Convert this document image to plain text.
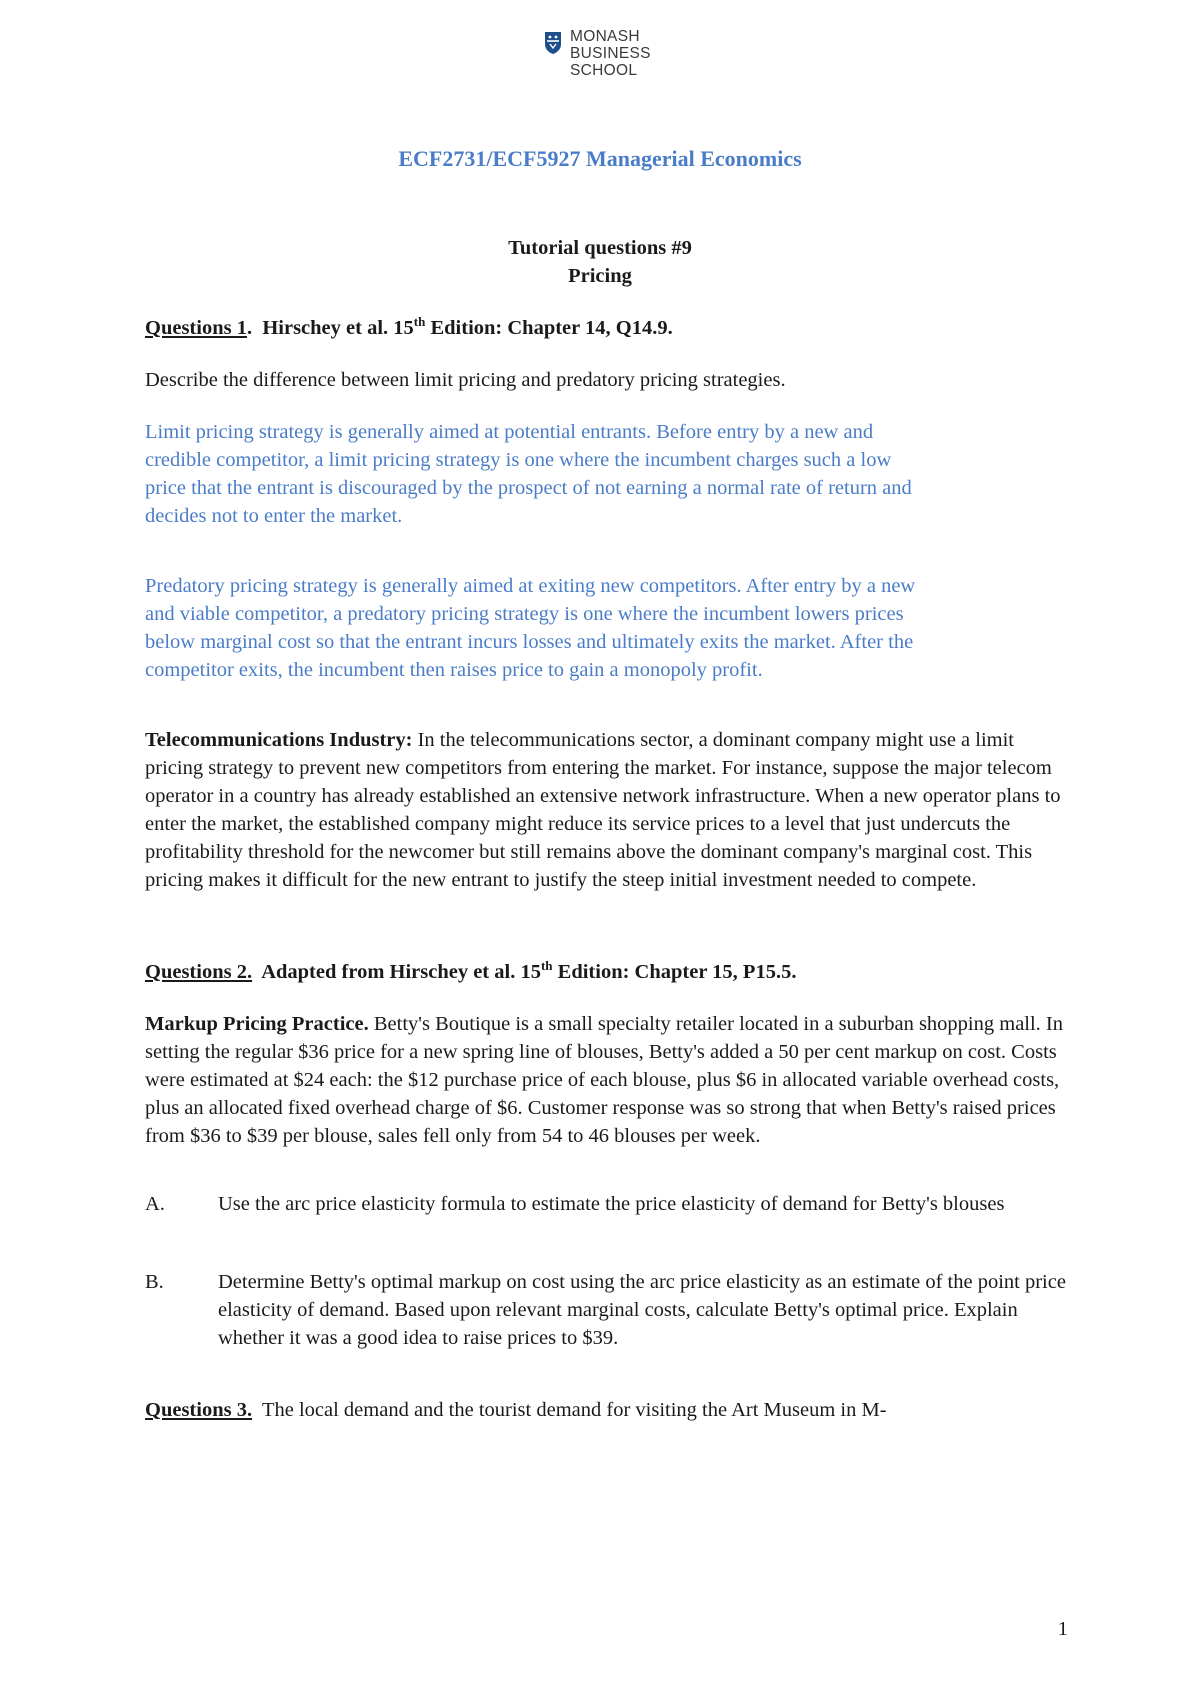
MONASH
BUSINESS
SCHOOL
ECF2731/ECF5927 Managerial Economics
Tutorial questions #9
Pricing
Questions 1.  Hirschey et al. 15th Edition: Chapter 14, Q14.9.
Describe the difference between limit pricing and predatory pricing strategies.
Limit pricing strategy is generally aimed at potential entrants. Before entry by a new and credible competitor, a limit pricing strategy is one where the incumbent charges such a low price that the entrant is discouraged by the prospect of not earning a normal rate of return and decides not to enter the market.
Predatory pricing strategy is generally aimed at exiting new competitors. After entry by a new and viable competitor, a predatory pricing strategy is one where the incumbent lowers prices below marginal cost so that the entrant incurs losses and ultimately exits the market. After the competitor exits, the incumbent then raises price to gain a monopoly profit.
Telecommunications Industry: In the telecommunications sector, a dominant company might use a limit pricing strategy to prevent new competitors from entering the market. For instance, suppose the major telecom operator in a country has already established an extensive network infrastructure. When a new operator plans to enter the market, the established company might reduce its service prices to a level that just undercuts the profitability threshold for the newcomer but still remains above the dominant company's marginal cost. This pricing makes it difficult for the new entrant to justify the steep initial investment needed to compete.
Questions 2. Adapted from Hirschey et al. 15th Edition: Chapter 15, P15.5.
Markup Pricing Practice. Betty's Boutique is a small specialty retailer located in a suburban shopping mall. In setting the regular $36 price for a new spring line of blouses, Betty's added a 50 per cent markup on cost. Costs were estimated at $24 each: the $12 purchase price of each blouse, plus $6 in allocated variable overhead costs, plus an allocated fixed overhead charge of $6. Customer response was so strong that when Betty's raised prices from $36 to $39 per blouse, sales fell only from 54 to 46 blouses per week.
A.	Use the arc price elasticity formula to estimate the price elasticity of demand for Betty's blouses
B.	Determine Betty's optimal markup on cost using the arc price elasticity as an estimate of the point price elasticity of demand. Based upon relevant marginal costs, calculate Betty's optimal price. Explain whether it was a good idea to raise prices to $39.
Questions 3. The local demand and the tourist demand for visiting the Art Museum in M-
1
